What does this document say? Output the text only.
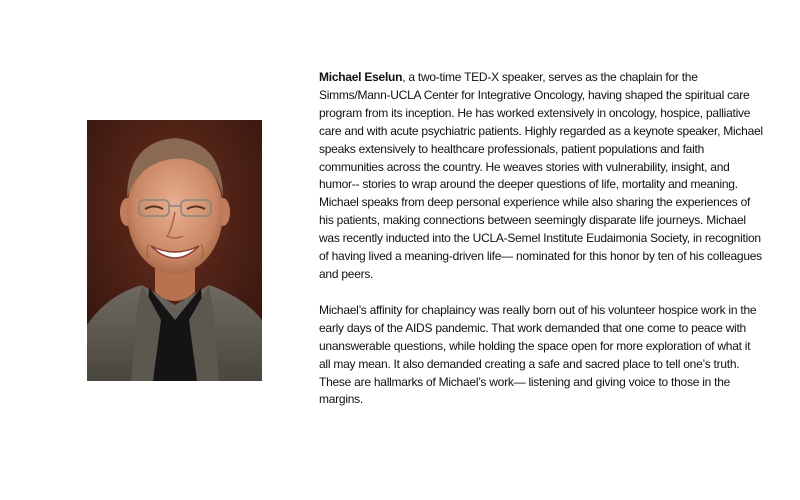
Michael Eselun, a two-time TED-X speaker, serves as the chaplain for the Simms/Mann-UCLA Center for Integrative Oncology, having shaped the spiritual care program from its inception. He has worked extensively in oncology, hospice, palliative care and with acute psychiatric patients. Highly regarded as a keynote speaker, Michael speaks extensively to healthcare professionals, patient populations and faith communities across the country. He weaves stories with vulnerability, insight, and humor-- stories to wrap around the deeper questions of life, mortality and meaning. Michael speaks from deep personal experience while also sharing the experiences of his patients, making connections between seemingly disparate life journeys. Michael was recently inducted into the UCLA-Semel Institute Eudaimonia Society, in recognition of having lived a meaning-driven life— nominated for this honor by ten of his colleagues and peers.

Michael’s affinity for chaplaincy was really born out of his volunteer hospice work in the early days of the AIDS pandemic. That work demanded that one come to peace with unanswerable questions, while holding the space open for more exploration of what it all may mean. It also demanded creating a safe and sacred place to tell one’s truth. These are hallmarks of Michael’s work— listening and giving voice to those in the margins.
